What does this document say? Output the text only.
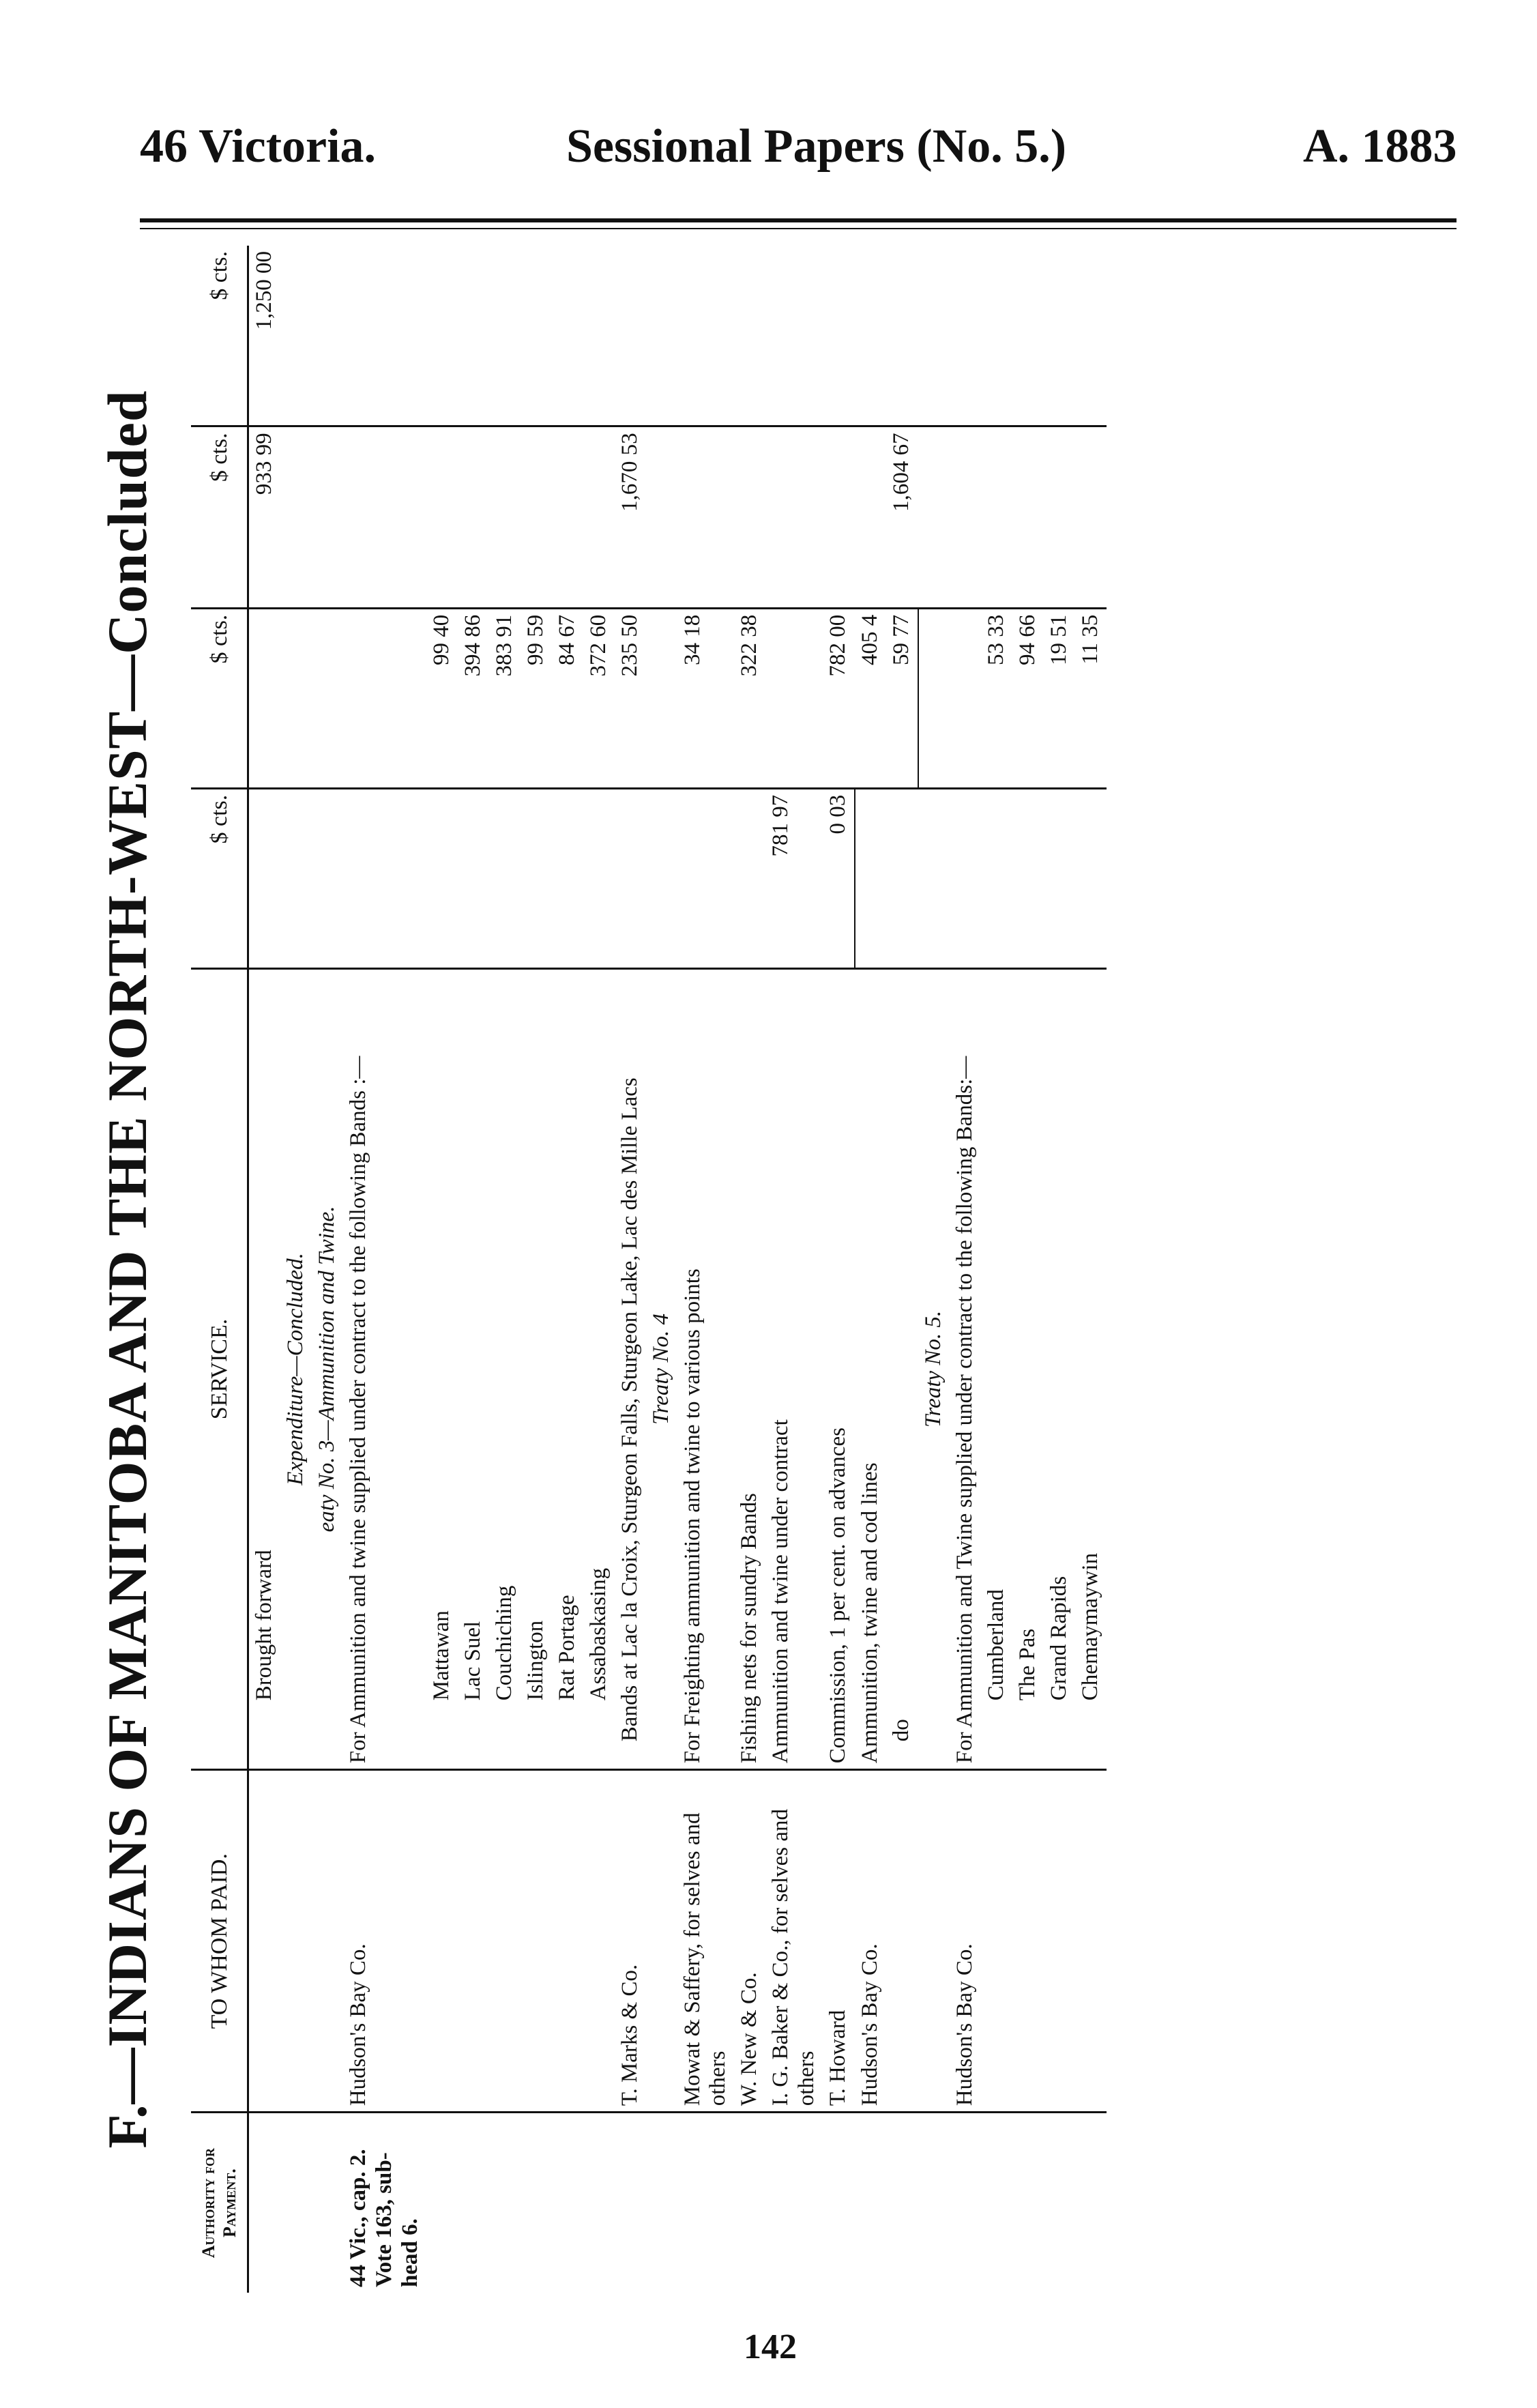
46 Victoria.	Sessional Papers (No. 5.)	A. 1883
F.—INDIANS OF MANITOBA AND THE NORTH-WEST—Concluded
Authority for Payment.	TO WHOM PAID.	SERVICE.	$ cts.	$ cts.	$ cts.	$ cts.
		Brought forward			933 99	1,250 00
		Expenditure—Concluded.				
		eaty No. 3—Ammunition and Twine.				
44 Vic., cap. 2. Vote 163, sub-head 6.	Hudson's Bay Co.	For Ammunition and twine supplied under contract to the following Bands :—				
		Mattawan		99 40		
		Lac Suel		394 86		
		Couchiching		383 91		
		Islington		99 59		
		Rat Portage		84 67		
		Assabaskasing		372 60		
	T. Marks & Co.	Bands at Lac la Croix, Sturgeon Falls, Sturgeon Lake, Lac des Mille Lacs		235 50	1,670 53	
		Treaty No. 4				
	Mowat & Saffery, for selves and others	For Freighting ammunition and twine to various points		34 18		
	W. New & Co.	Fishing nets for sundry Bands		322 38		
	I. G. Baker & Co., for selves and others	Ammunition and twine under contract	781 97			
	T. Howard	Commission, 1 per cent. on advances	0 03	782 00		
	Hudson's Bay Co.	Ammunition, twine and cod lines		405 4		
		do		59 77	1,604 67	
		Treaty No. 5.				
	Hudson's Bay Co.	For Ammunition and Twine supplied under contract to the following Bands:—				
		Cumberland		53 33		
		The Pas		94 66		
		Grand Rapids		19 51		
		Chemaymaywin		11 35		
142
